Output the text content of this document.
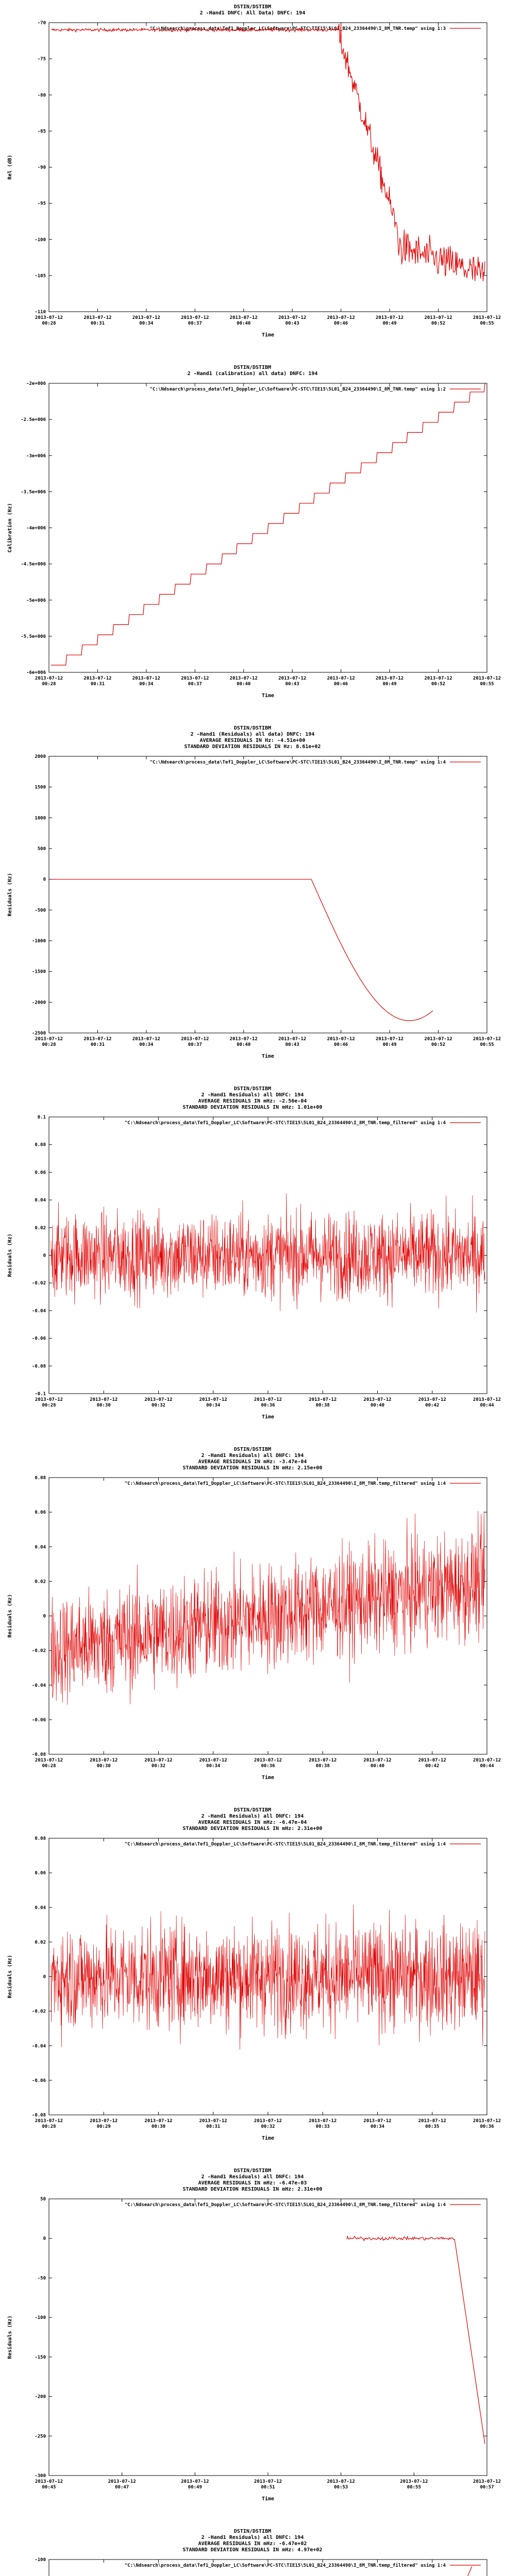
DSTIN/DSTIBM
2 -Hand1 DNFC: All Data) DNFC: 194
-70
-75
-80
-85
-90
-95
-100
-105
-110
2013-07-12
00:28
2013-07-12
00:31
2013-07-12
00:34
2013-07-12
00:37
2013-07-12
00:40
2013-07-12
00:43
2013-07-12
00:46
2013-07-12
00:49
2013-07-12
00:52
2013-07-12
00:55
Time
Rel (dB)
"C:\Ndsearch\process_data\Tef1_Doppler_LC\Software\PC-STC\TIE15\5L01_B24_23364490\I_8M_TNR.temp" using 1:3
DSTIN/DSTIBM
2 -Hand1 (calibration) all data) DNFC: 194
-2e+006
-2.5e+006
-3e+006
-3.5e+006
-4e+006
-4.5e+006
-5e+006
-5.5e+006
-6e+006
2013-07-12
00:28
2013-07-12
00:31
2013-07-12
00:34
2013-07-12
00:37
2013-07-12
00:40
2013-07-12
00:43
2013-07-12
00:46
2013-07-12
00:49
2013-07-12
00:52
2013-07-12
00:55
Time
Calibration (Hz)
"C:\Ndsearch\process_data\Tef1_Doppler_LC\Software\PC-STC\TIE15\5L01_B24_23364490\I_8M_TNR.temp" using 1:2
DSTIN/DSTIBM
2 -Hand1 (Residuals) all data) DNFC: 194
AVERAGE RESIDUALS IN Hz: -4.51e+00
STANDARD DEVIATION RESIDUALS IN Hz: 8.61e+02
2000
1500
1000
500
0
-500
-1000
-1500
-2000
-2500
2013-07-12
00:28
2013-07-12
00:31
2013-07-12
00:34
2013-07-12
00:37
2013-07-12
00:40
2013-07-12
00:43
2013-07-12
00:46
2013-07-12
00:49
2013-07-12
00:52
2013-07-12
00:55
Time
Residuals (Hz)
"C:\Ndsearch\process_data\Tef1_Doppler_LC\Software\PC-STC\TIE15\5L01_B24_23364490\I_8M_TNR.temp" using 1:4
DSTIN/DSTIBM
2 -Hand1 Residuals) all DNFC: 194
AVERAGE RESIDUALS IN mHz: -2.56e-04
STANDARD DEVIATION RESIDUALS IN mHz: 1.01e+00
0.1
0.08
0.06
0.04
0.02
0
-0.02
-0.04
-0.06
-0.08
-0.1
2013-07-12
00:28
2013-07-12
00:30
2013-07-12
00:32
2013-07-12
00:34
2013-07-12
00:36
2013-07-12
00:38
2013-07-12
00:40
2013-07-12
00:42
2013-07-12
00:44
Time
Residuals (Hz)
"C:\Ndsearch\process_data\Tef1_Doppler_LC\Software\PC-STC\TIE15\5L01_B24_23364490\I_8M_TNR.temp_filtered" using 1:4
DSTIN/DSTIBM
2 -Hand1 Residuals) all DNFC: 194
AVERAGE RESIDUALS IN mHz: -3.47e-04
STANDARD DEVIATION RESIDUALS IN mHz: 2.15e+00
0.08
0.06
0.04
0.02
0
-0.02
-0.04
-0.06
-0.08
2013-07-12
00:28
2013-07-12
00:30
2013-07-12
00:32
2013-07-12
00:34
2013-07-12
00:36
2013-07-12
00:38
2013-07-12
00:40
2013-07-12
00:42
2013-07-12
00:44
Time
Residuals (Hz)
"C:\Ndsearch\process_data\Tef1_Doppler_LC\Software\PC-STC\TIE15\5L01_B24_23364490\I_8M_TNR.temp_filtered" using 1:4
DSTIN/DSTIBM
2 -Hand1 Residuals) all DNFC: 194
AVERAGE RESIDUALS IN mHz: -6.47e-04
STANDARD DEVIATION RESIDUALS IN mHz: 2.31e+00
0.08
0.06
0.04
0.02
0
-0.02
-0.04
-0.06
-0.08
2013-07-12
00:28
2013-07-12
00:29
2013-07-12
00:30
2013-07-12
00:31
2013-07-12
00:32
2013-07-12
00:33
2013-07-12
00:34
2013-07-12
00:35
2013-07-12
00:36
Time
Residuals (Hz)
"C:\Ndsearch\process_data\Tef1_Doppler_LC\Software\PC-STC\TIE15\5L01_B24_23364490\I_8M_TNR.temp_filtered" using 1:4
DSTIN/DSTIBM
2 -Hand1 Residuals) all DNFC: 194
AVERAGE RESIDUALS IN mHz: -6.47e-03
STANDARD DEVIATION RESIDUALS IN mHz: 2.31e+00
50
0
-50
-100
-150
-200
-250
-300
2013-07-12
00:45
2013-07-12
00:47
2013-07-12
00:49
2013-07-12
00:51
2013-07-12
00:53
2013-07-12
00:55
2013-07-12
00:57
Time
Residuals (Hz)
"C:\Ndsearch\process_data\Tef1_Doppler_LC\Software\PC-STC\TIE15\5L01_B24_23364490\I_8M_TNR.temp_filtered" using 1:4
DSTIN/DSTIBM
2 -Hand1 Residuals) all DNFC: 194
AVERAGE RESIDUALS IN mHz: -6.47e+02
STANDARD DEVIATION RESIDUALS IN mHz: 4.97e+02
-100
"C:\Ndsearch\process_data\Tef1_Doppler_LC\Software\PC-STC\TIE15\5L01_B24_23364490\I_8M_TNR.temp_filtered" using 1:4
